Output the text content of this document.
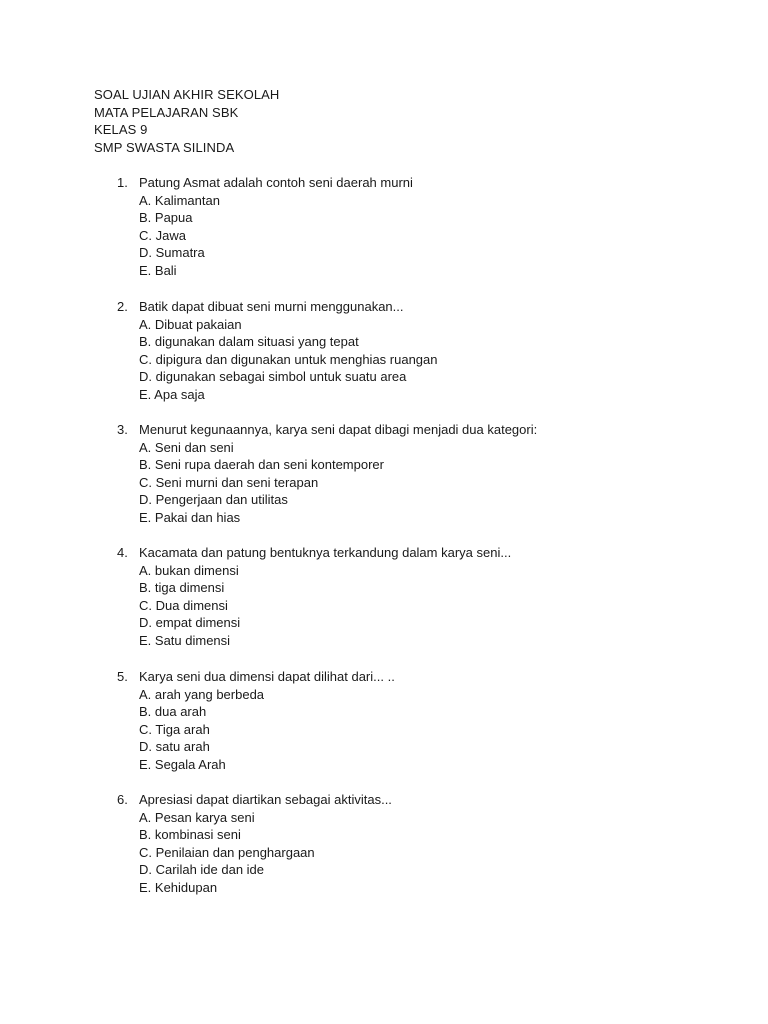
SOAL UJIAN AKHIR SEKOLAH
MATA PELAJARAN SBK
KELAS 9
SMP SWASTA SILINDA
1. Patung Asmat adalah contoh seni daerah murni
A. Kalimantan
B. Papua
C. Jawa
D. Sumatra
E. Bali
2. Batik dapat dibuat seni murni menggunakan...
A. Dibuat pakaian
B. digunakan dalam situasi yang tepat
C. dipigura dan digunakan untuk menghias ruangan
D. digunakan sebagai simbol untuk suatu area
E. Apa saja
3. Menurut kegunaannya, karya seni dapat dibagi menjadi dua kategori:
A. Seni dan seni
B. Seni rupa daerah dan seni kontemporer
C. Seni murni dan seni terapan
D. Pengerjaan dan utilitas
E. Pakai dan hias
4. Kacamata dan patung bentuknya terkandung dalam karya seni...
A. bukan dimensi
B. tiga dimensi
C. Dua dimensi
D. empat dimensi
E. Satu dimensi
5. Karya seni dua dimensi dapat dilihat dari... ..
A. arah yang berbeda
B. dua arah
C. Tiga arah
D. satu arah
E. Segala Arah
6. Apresiasi dapat diartikan sebagai aktivitas...
A. Pesan karya seni
B. kombinasi seni
C. Penilaian dan penghargaan
D. Carilah ide dan ide
E. Kehidupan
